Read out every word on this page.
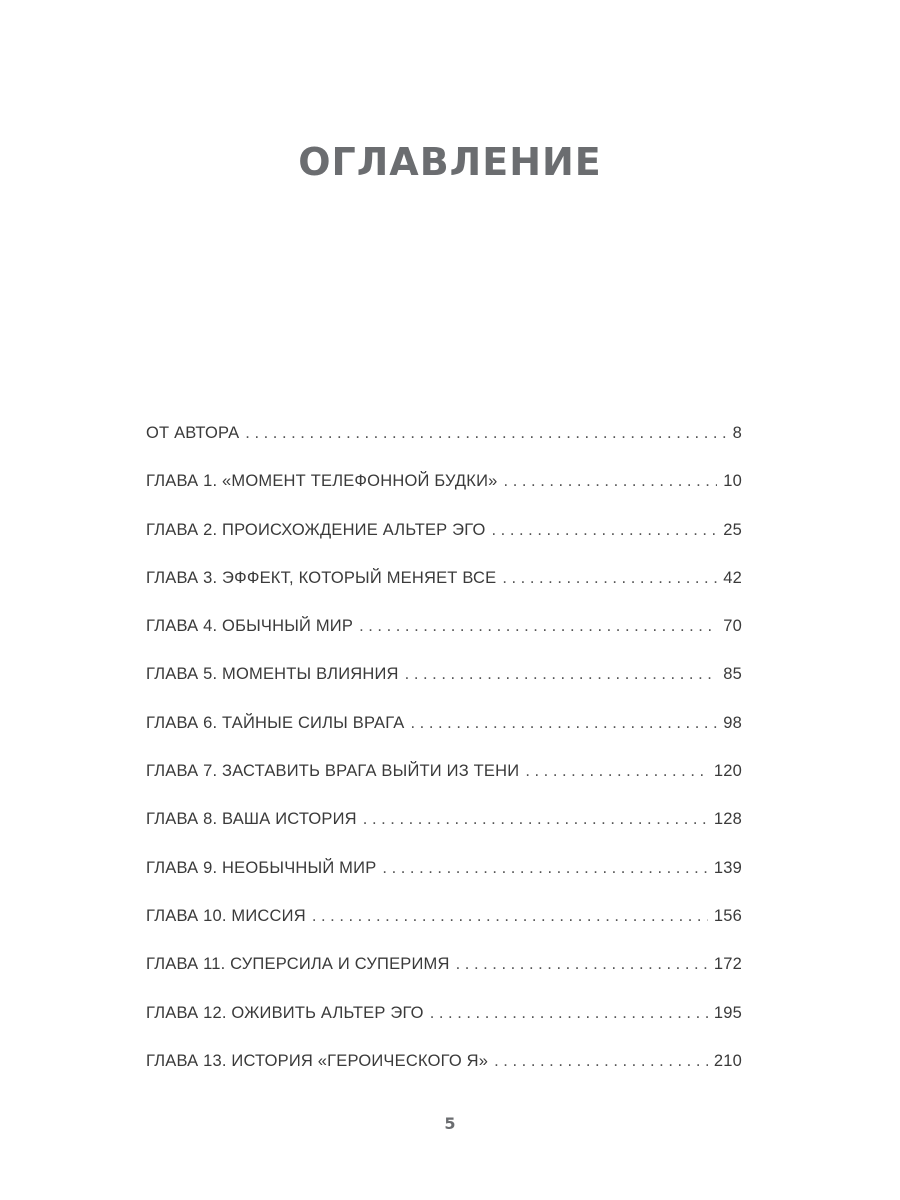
ОГЛАВЛЕНИЕ
ОТ АВТОРА . . .	8
ГЛАВА 1. «МОМЕНТ ТЕЛЕФОННОЙ БУДКИ» . . .	10
ГЛАВА 2. ПРОИСХОЖДЕНИЕ АЛЬТЕР ЭГО . . .	25
ГЛАВА 3. ЭФФЕКТ, КОТОРЫЙ МЕНЯЕТ ВСЕ . . .	42
ГЛАВА 4. ОБЫЧНЫЙ МИР . . .	70
ГЛАВА 5. МОМЕНТЫ ВЛИЯНИЯ . . .	85
ГЛАВА 6. ТАЙНЫЕ СИЛЫ ВРАГА . . .	98
ГЛАВА 7. ЗАСТАВИТЬ ВРАГА ВЫЙТИ ИЗ ТЕНИ . . .	120
ГЛАВА 8. ВАША ИСТОРИЯ . . .	128
ГЛАВА 9. НЕОБЫЧНЫЙ МИР . . .	139
ГЛАВА 10. МИССИЯ . . .	156
ГЛАВА 11. СУПЕРСИЛА И СУПЕРИМЯ . . .	172
ГЛАВА 12. ОЖИВИТЬ АЛЬТЕР ЭГО . . .	195
ГЛАВА 13. ИСТОРИЯ «ГЕРОИЧЕСКОГО Я» . . .	210
5
